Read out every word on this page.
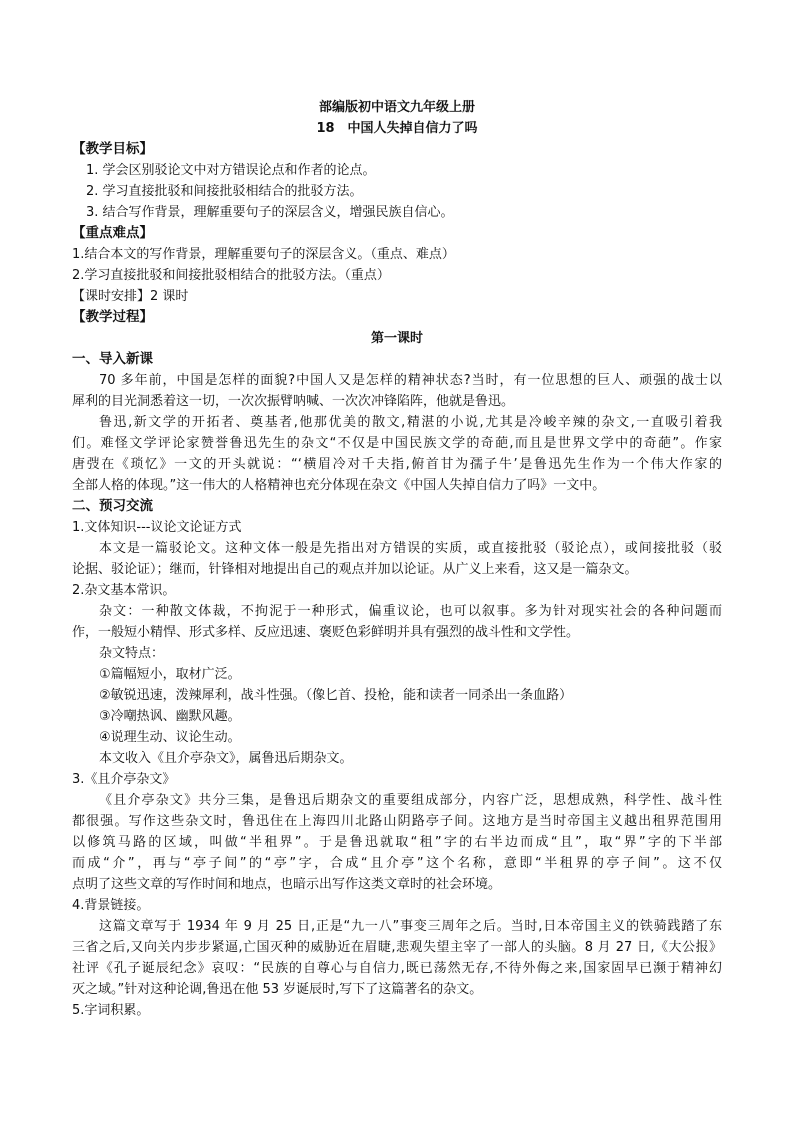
部编版初中语文九年级上册
18　中国人失掉自信力了吗
【教学目标】
1. 学会区别驳论文中对方错误论点和作者的论点。
2. 学习直接批驳和间接批驳相结合的批驳方法。
3. 结合写作背景，理解重要句子的深层含义，增强民族自信心。
【重点难点】
1.结合本文的写作背景，理解重要句子的深层含义。（重点、难点）
2.学习直接批驳和间接批驳相结合的批驳方法。（重点）
【课时安排】2 课时
【教学过程】
第一课时
一、导入新课
70 多年前，中国是怎样的面貌?中国人又是怎样的精神状态?当时，有一位思想的巨人、顽强的战士以
犀利的目光洞悉着这一切，一次次振臂呐喊、一次次冲锋陷阵，他就是鲁迅。
鲁迅,新文学的开拓者、奠基者,他那优美的散文,精湛的小说,尤其是冷峻辛辣的杂文,一直吸引着我
们。难怪文学评论家赞誉鲁迅先生的杂文“不仅是中国民族文学的奇葩,而且是世界文学中的奇葩”。作家
唐弢在《琐忆》一文的开头就说：“‘横眉冷对千夫指,俯首甘为孺子牛’是鲁迅先生作为一个伟大作家的
全部人格的体现。”这一伟大的人格精神也充分体现在杂文《中国人失掉自信力了吗》一文中。
二、预习交流
1.文体知识---议论文论证方式
本文是一篇驳论文。这种文体一般是先指出对方错误的实质，或直接批驳（驳论点），或间接批驳（驳
论据、驳论证）；继而，针锋相对地提出自己的观点并加以论证。从广义上来看，这又是一篇杂文。
2.杂文基本常识。
杂文：一种散文体裁，不拘泥于一种形式，偏重议论，也可以叙事。多为针对现实社会的各种问题而
作，一般短小精悍、形式多样、反应迅速、褒贬色彩鲜明并具有强烈的战斗性和文学性。
杂文特点：
①篇幅短小，取材广泛。
②敏锐迅速，泼辣犀利，战斗性强。（像匕首、投枪，能和读者一同杀出一条血路）
③冷嘲热讽、幽默风趣。
④说理生动、议论生动。
本文收入《且介亭杂文》，属鲁迅后期杂文。
3.《且介亭杂文》
《且介亭杂文》共分三集，是鲁迅后期杂文的重要组成部分，内容广泛，思想成熟，科学性、战斗性
都很强。写作这些杂文时，鲁迅住在上海四川北路山阴路亭子间。这地方是当时帝国主义越出租界范围用
以修筑马路的区域，叫做“半租界”。于是鲁迅就取“租”字的右半边而成“且”，取“界”字的下半部
而成“介”，再与“亭子间”的“亭”字，合成“且介亭”这个名称，意即“半租界的亭子间”。这不仅
点明了这些文章的写作时间和地点，也暗示出写作这类文章时的社会环境。
4.背景链接。
这篇文章写于 1934 年 9 月 25 日,正是“九一八”事变三周年之后。当时,日本帝国主义的铁骑践踏了东
三省之后,又向关内步步紧逼,亡国灭种的威胁近在眉睫,悲观失望主宰了一部人的头脑。8 月 27 日,《大公报》
社评《孔子诞辰纪念》哀叹：“民族的自尊心与自信力,既已荡然无存,不待外侮之来,国家固早已濒于精神幻
灭之域。”针对这种论调,鲁迅在他 53 岁诞辰时,写下了这篇著名的杂文。
5.字词积累。
